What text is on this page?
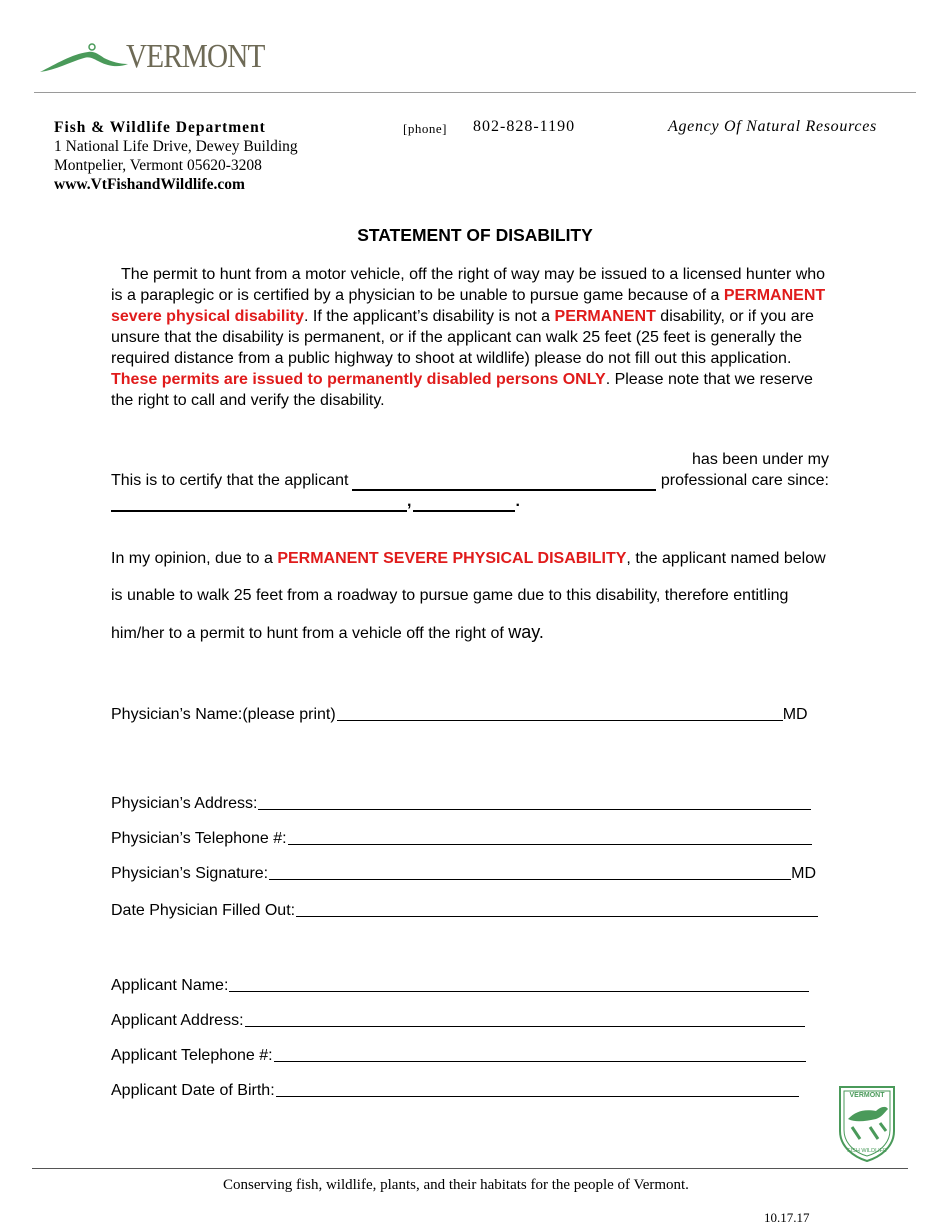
VERMONT
Fish & Wildlife Department
1 National Life Drive, Dewey Building
Montpelier, Vermont 05620-3208
www.VtFishandWildlife.com
[phone] 802-828-1190	Agency Of Natural Resources
STATEMENT OF DISABILITY
The permit to hunt from a motor vehicle, off the right of way may be issued to a licensed hunter who is a paraplegic or is certified by a physician to be unable to pursue game because of a PERMANENT severe physical disability. If the applicant’s disability is not a PERMANENT disability, or if you are unsure that the disability is permanent, or if the applicant can walk 25 feet (25 feet is generally the required distance from a public highway to shoot at wildlife) please do not fill out this application. These permits are issued to permanently disabled persons ONLY. Please note that we reserve the right to call and verify the disability.
This is to certify that the applicant
has been under my professional care since:
,	.
In my opinion, due to a PERMANENT SEVERE PHYSICAL DISABILITY, the applicant named below is unable to walk 25 feet from a roadway to pursue game due to this disability, therefore entitling him/her to a permit to hunt from a vehicle off the right of way.
Physician’s Name:(please print)	MD
Physician’s Address:
Physician’s Telephone #:
Physician’s Signature:	MD
Date Physician Filled Out:
Applicant Name:
Applicant Address:
Applicant Telephone #:
Applicant Date of Birth:	VERMONT
FISH WILDLIFE
Conserving fish, wildlife, plants, and their habitats for the people of Vermont.
10.17.17
